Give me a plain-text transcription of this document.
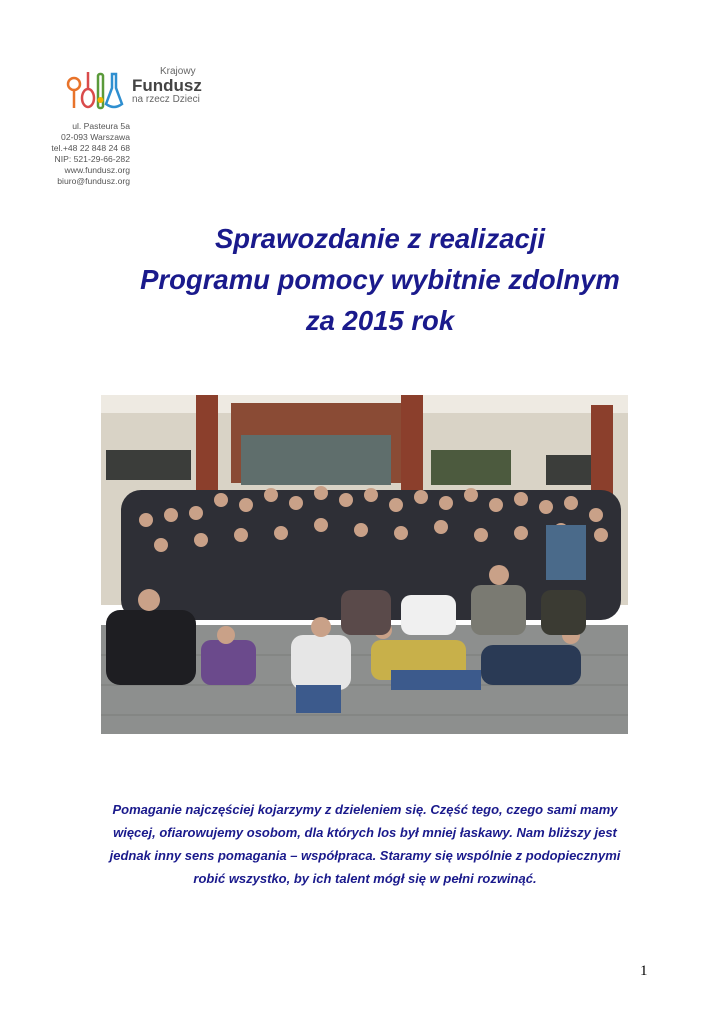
Krajowy
Fundusz
na rzecz Dzieci
ul. Pasteura 5a
02-093 Warszawa
tel.+48 22 848 24 68
NIP: 521-29-66-282
www.fundusz.org
biuro@fundusz.org
Sprawozdanie z realizacji
Programu pomocy wybitnie zdolnym
za 2015 rok
Pomaganie najczęściej kojarzymy z dzieleniem się. Część tego, czego sami mamy
więcej, ofiarowujemy osobom, dla których los był mniej łaskawy. Nam bliższy jest
jednak inny sens pomagania – współpraca. Staramy się wspólnie z podopiecznymi
robić wszystko, by ich talent mógł się w pełni rozwinąć.
1
